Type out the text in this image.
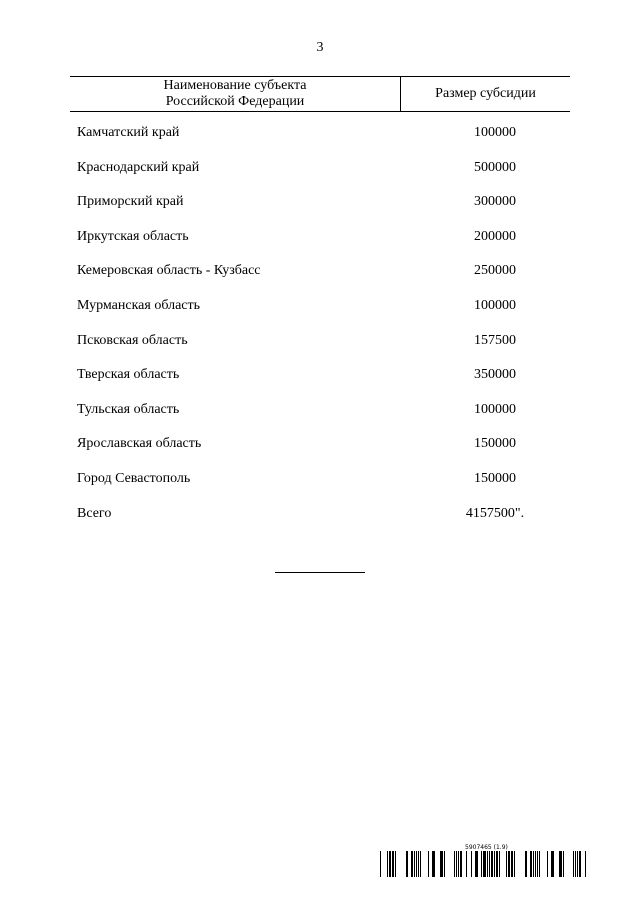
3
Наименование субъекта
Российской Федерации
Размер субсидии
Камчатский край	100000
Краснодарский край	500000
Приморский край	300000
Иркутская область	200000
Кемеровская область - Кузбасс	250000
Мурманская область	100000
Псковская область	157500
Тверская область	350000
Тульская область	100000
Ярославская область	150000
Город Севастополь	150000
Всего	4157500".
5907465 (1.9)
